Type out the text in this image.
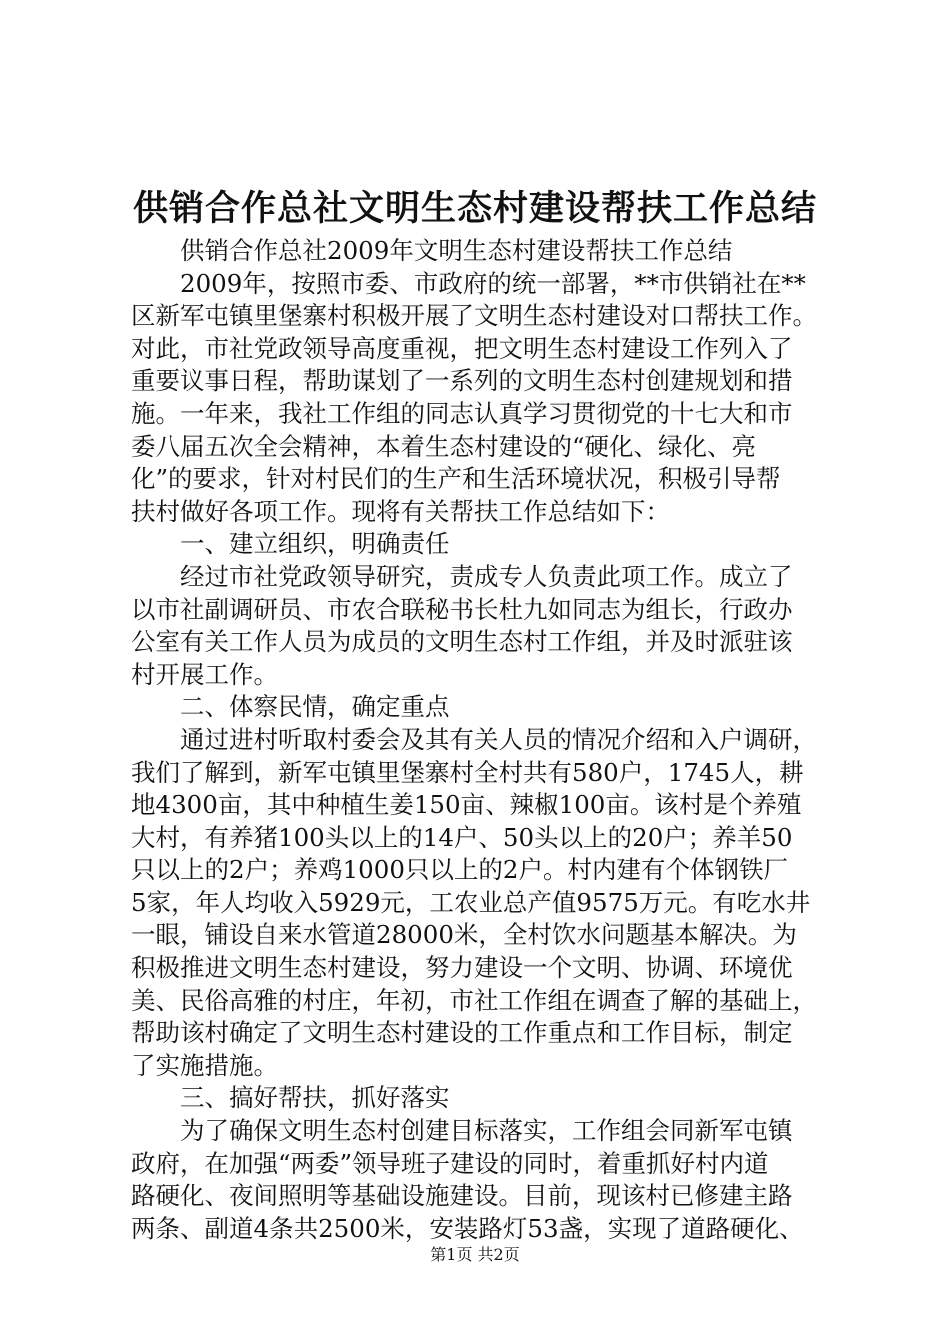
供销合作总社文明生态村建设帮扶工作总结
　　供销合作总社2009年文明生态村建设帮扶工作总结
　　2009年，按照市委、市政府的统一部署，**市供销社在**
区新军屯镇里堡寨村积极开展了文明生态村建设对口帮扶工作。
对此，市社党政领导高度重视，把文明生态村建设工作列入了
重要议事日程，帮助谋划了一系列的文明生态村创建规划和措
施。一年来，我社工作组的同志认真学习贯彻党的十七大和市
委八届五次全会精神，本着生态村建设的“硬化、绿化、亮
化”的要求，针对村民们的生产和生活环境状况，积极引导帮
扶村做好各项工作。现将有关帮扶工作总结如下：
　　一、建立组织，明确责任
　　经过市社党政领导研究，责成专人负责此项工作。成立了
以市社副调研员、市农合联秘书长杜九如同志为组长，行政办
公室有关工作人员为成员的文明生态村工作组，并及时派驻该
村开展工作。
　　二、体察民情，确定重点
　　通过进村听取村委会及其有关人员的情况介绍和入户调研，
我们了解到，新军屯镇里堡寨村全村共有580户，1745人，耕
地4300亩，其中种植生姜150亩、辣椒100亩。该村是个养殖
大村，有养猪100头以上的14户、50头以上的20户；养羊50
只以上的2户；养鸡1000只以上的2户。村内建有个体钢铁厂
5家，年人均收入5929元，工农业总产值9575万元。有吃水井
一眼，铺设自来水管道28000米，全村饮水问题基本解决。为
积极推进文明生态村建设，努力建设一个文明、协调、环境优
美、民俗高雅的村庄，年初，市社工作组在调查了解的基础上，
帮助该村确定了文明生态村建设的工作重点和工作目标，制定
了实施措施。
　　三、搞好帮扶，抓好落实
　　为了确保文明生态村创建目标落实，工作组会同新军屯镇
政府，在加强“两委”领导班子建设的同时，着重抓好村内道
路硬化、夜间照明等基础设施建设。目前，现该村已修建主路
两条、副道4条共2500米，安装路灯53盏，实现了道路硬化、
第1页 共2页
